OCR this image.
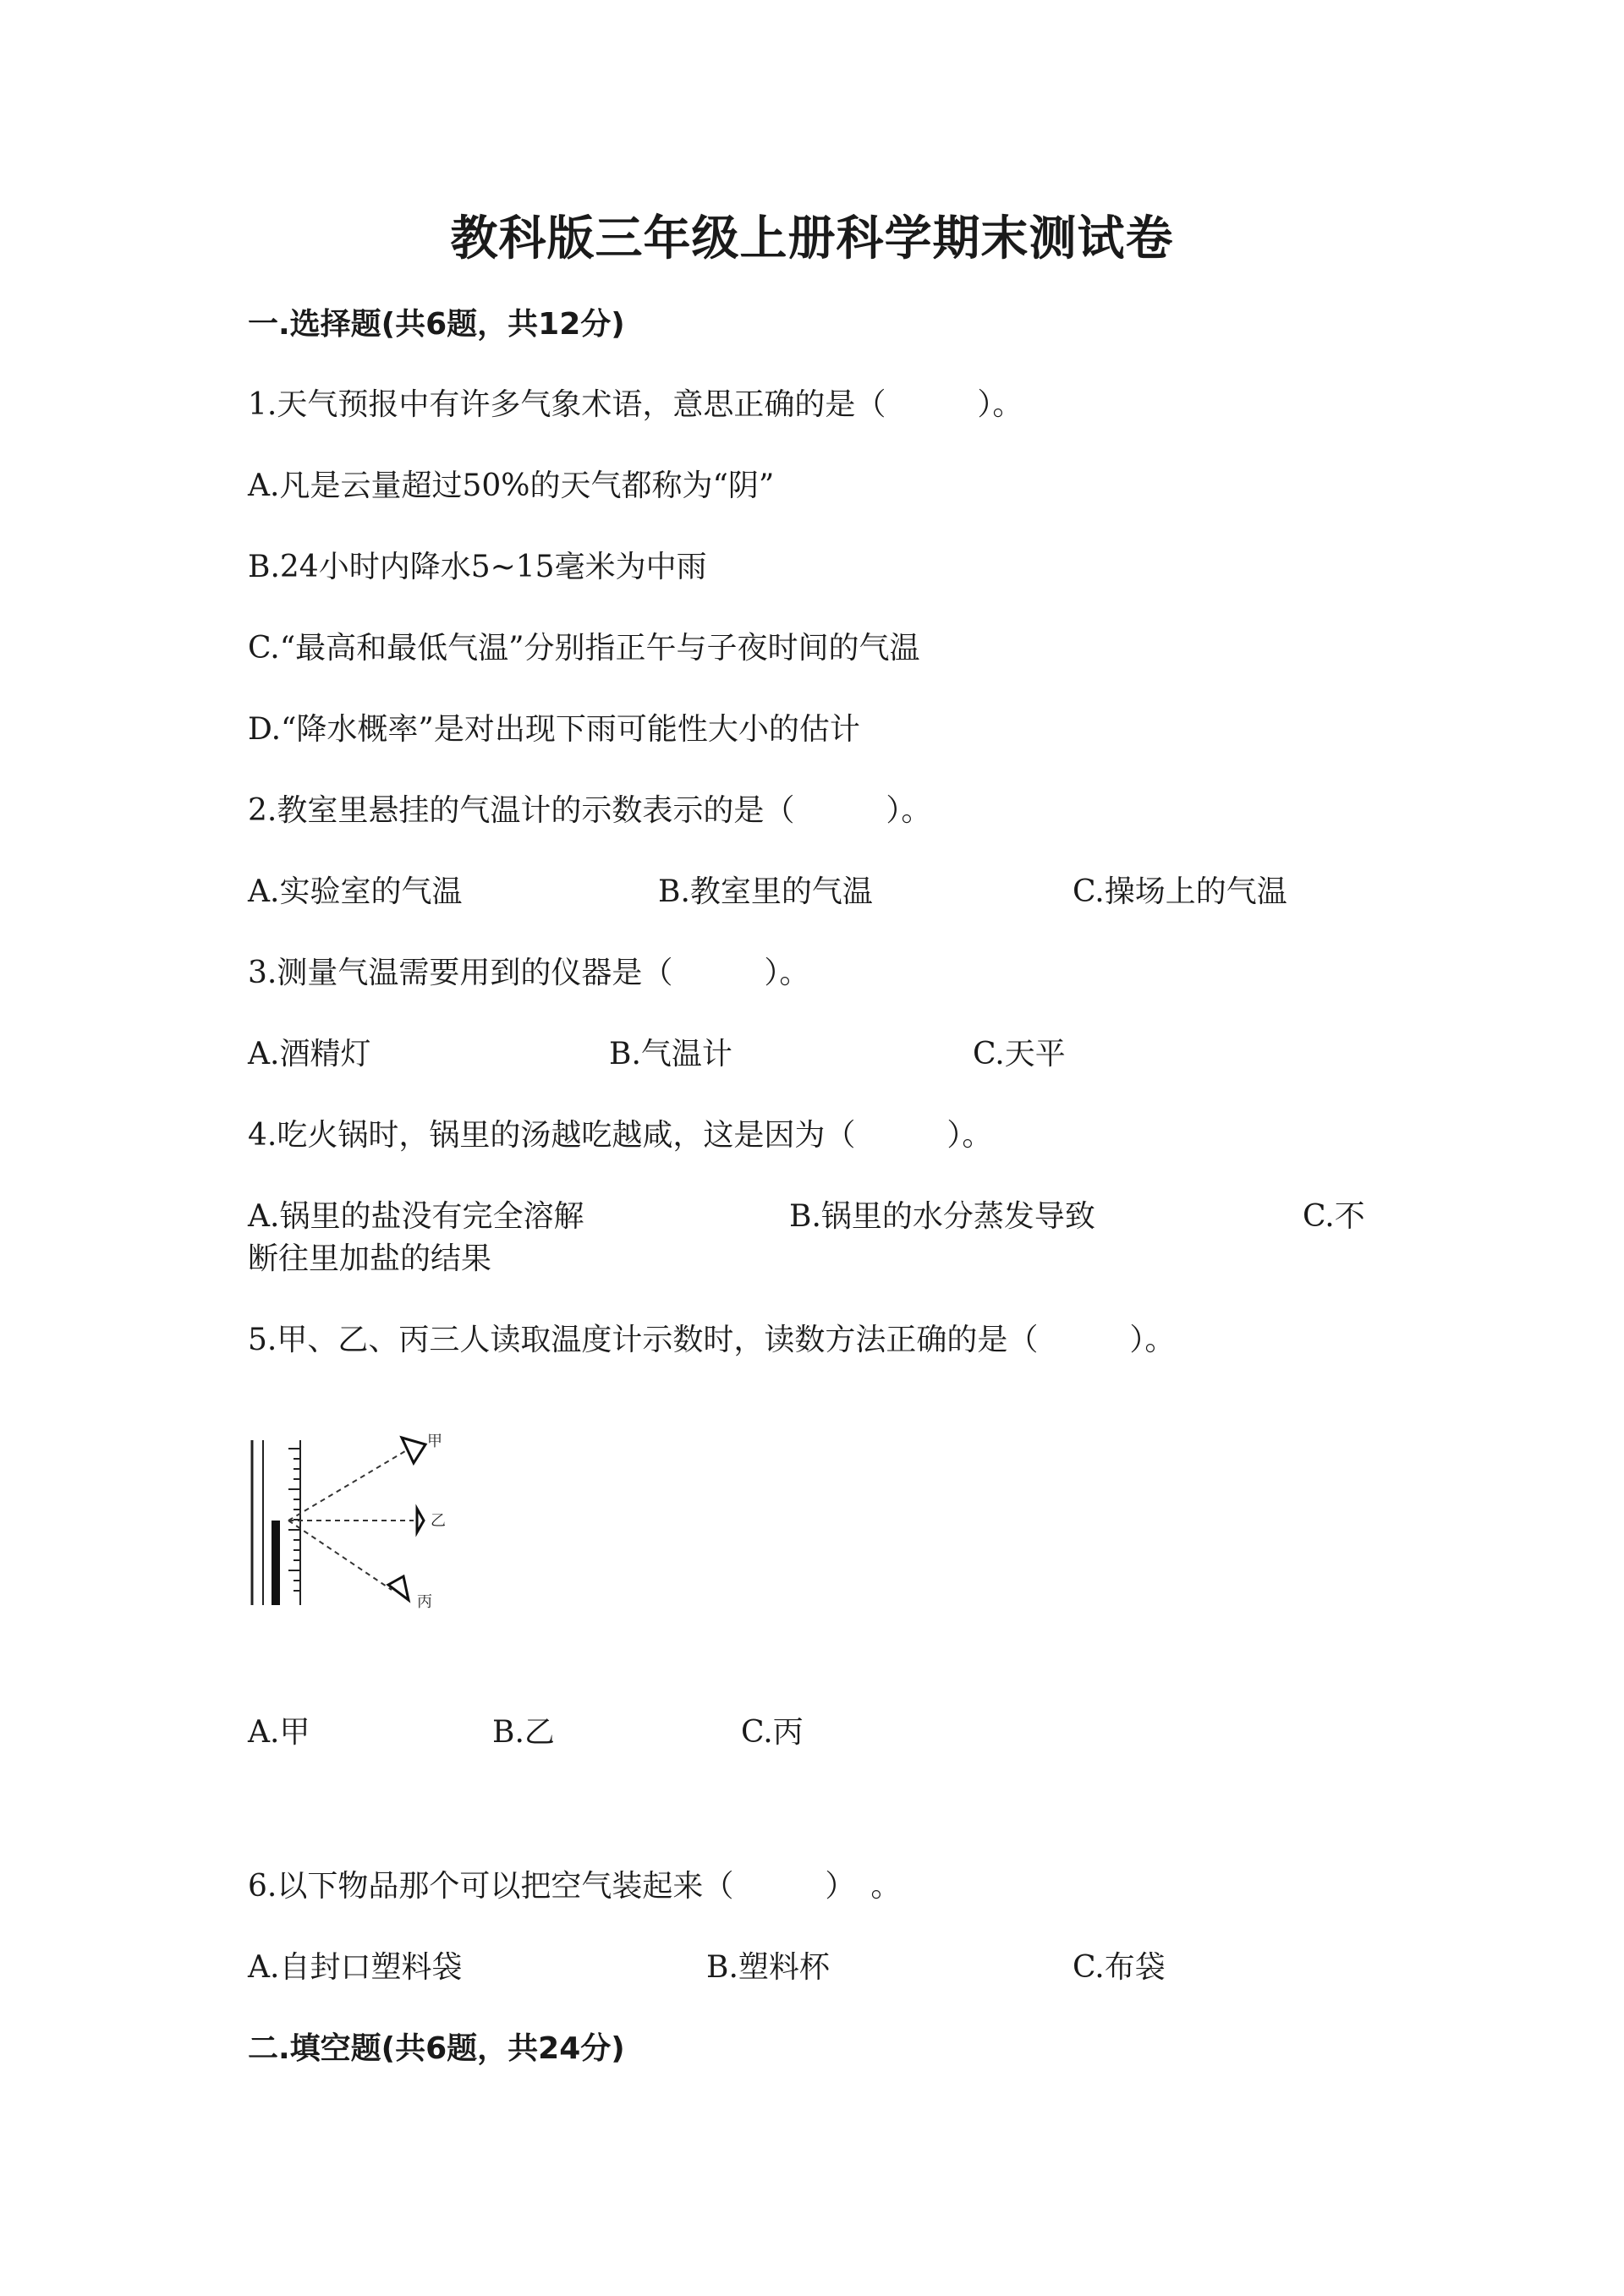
教科版三年级上册科学期末测试卷
一.选择题(共6题，共12分)
1.天气预报中有许多气象术语，意思正确的是（　　　）。
A.凡是云量超过50%的天气都称为“阴”
B.24小时内降水5~15毫米为中雨
C.“最高和最低气温”分别指正午与子夜时间的气温
D.“降水概率”是对出现下雨可能性大小的估计
2.教室里悬挂的气温计的示数表示的是（　　　）。
A.实验室的气温	B.教室里的气温	C.操场上的气温
3.测量气温需要用到的仪器是（　　　）。
A.酒精灯	B.气温计	C.天平
4.吃火锅时，锅里的汤越吃越咸，这是因为（　　　）。
A.锅里的盐没有完全溶解	B.锅里的水分蒸发导致	C.不
断往里加盐的结果
5.甲、乙、丙三人读取温度计示数时，读数方法正确的是（　　　）。
甲
乙
丙
A.甲	B.乙	C.丙
6.以下物品那个可以把空气装起来（　　　）　。
A.自封口塑料袋	B.塑料杯	C.布袋
二.填空题(共6题，共24分)
